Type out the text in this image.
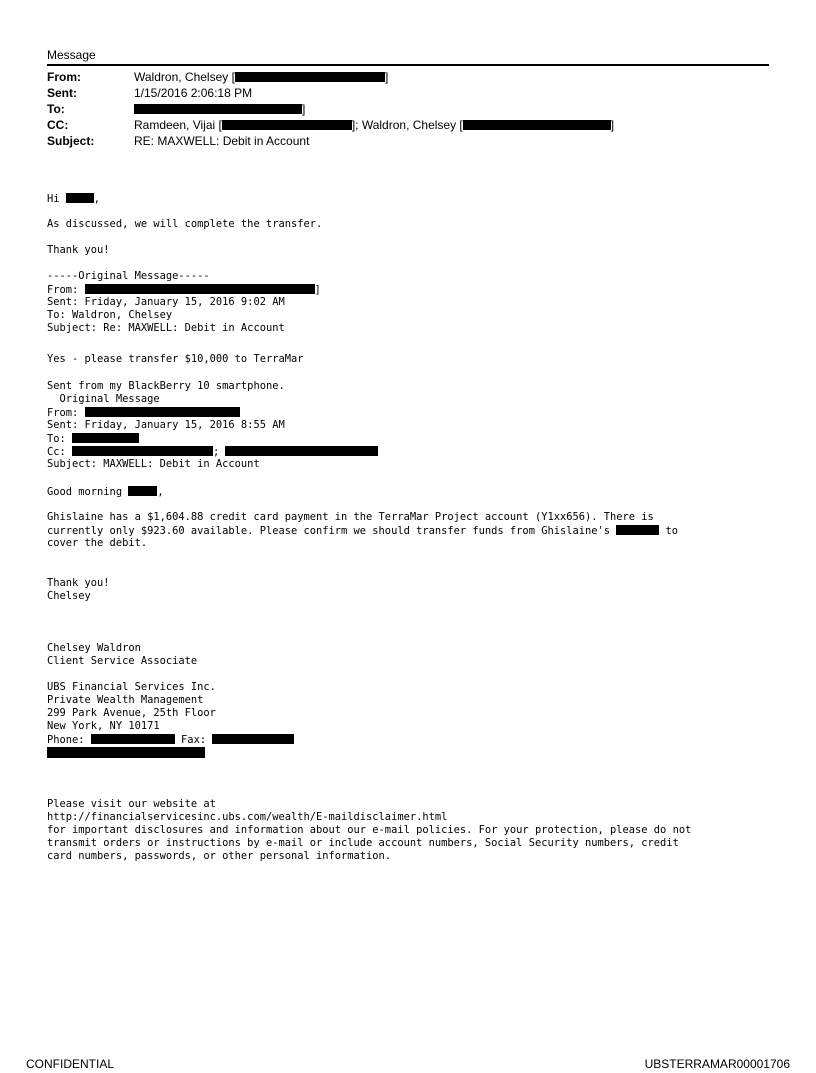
Message
From:	Waldron, Chelsey [	]
Sent:	1/15/2016 2:06:18 PM
To:	]
CC:	Ramdeen, Vijai [	]; Waldron, Chelsey [	]
Subject:	RE: MAXWELL: Debit in Account
Hi	,
As discussed, we will complete the transfer.
Thank you!
-----Original Message-----
From:	]
Sent: Friday, January 15, 2016 9:02 AM
To: Waldron, Chelsey
Subject: Re: MAXWELL: Debit in Account
Yes - please transfer $10,000 to TerraMar
Sent from my BlackBerry 10 smartphone.
Original Message
From:
Sent: Friday, January 15, 2016 8:55 AM
To:
Cc:	;
Subject: MAXWELL: Debit in Account
Good morning	,
Ghislaine has a $1,604.88 credit card payment in the TerraMar Project account (Y1xx656). There is
currently only $923.60 available. Please confirm we should transfer funds from Ghislaine's	to
cover the debit.
Thank you!
Chelsey
Chelsey Waldron
Client Service Associate
UBS Financial Services Inc.
Private Wealth Management
299 Park Avenue, 25th Floor
New York, NY 10171
Phone:	Fax:
Please visit our website at
http://financialservicesinc.ubs.com/wealth/E-maildisclaimer.html
for important disclosures and information about our e-mail policies. For your protection, please do not
transmit orders or instructions by e-mail or include account numbers, Social Security numbers, credit
card numbers, passwords, or other personal information.
CONFIDENTIAL	UBSTERRAMAR00001706
